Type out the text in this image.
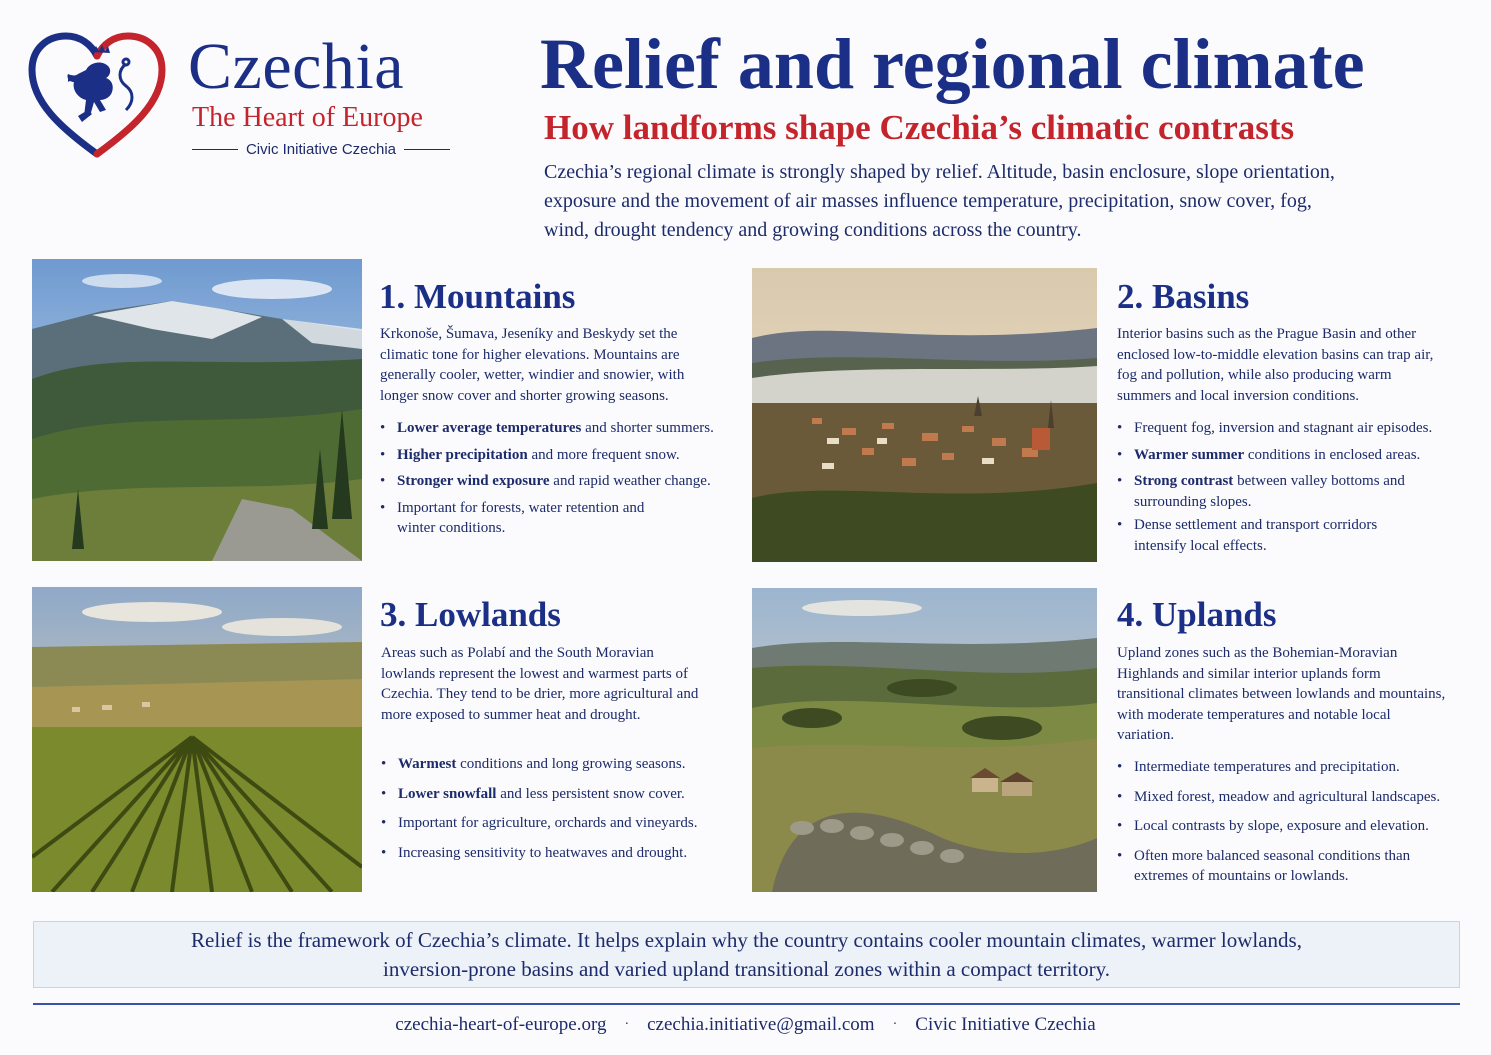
Czechia
The Heart of Europe
Civic Initiative Czechia
Relief and regional climate
How landforms shape Czechia’s climatic contrasts

Czechia’s regional climate is strongly shaped by relief. Altitude, basin enclosure, slope orientation, exposure and the movement of air masses influence temperature, precipitation, snow cover, fog, wind, drought tendency and growing conditions across the country.

1. Mountains

Krkonoše, Šumava, Jeseníky and Beskydy set the climatic tone for higher elevations. Mountains are generally cooler, wetter, windier and snowier, with longer snow cover and shorter growing seasons.

• Lower average temperatures and shorter summers.
• Higher precipitation and more frequent snow.
• Stronger wind exposure and rapid weather change.
• Important for forests, water retention and winter conditions.
2. Basins

Interior basins such as the Prague Basin and other enclosed low-to-middle elevation basins can trap air, fog and pollution, while also producing warm summers and local inversion conditions.

• Frequent fog, inversion and stagnant air episodes.
• Warmer summer conditions in enclosed areas.
• Strong contrast between valley bottoms and surrounding slopes.
• Dense settlement and transport corridors intensify local effects.
3. Lowlands

Areas such as Polabí and the South Moravian lowlands represent the lowest and warmest parts of Czechia. They tend to be drier, more agricultural and more exposed to summer heat and drought.

• Warmest conditions and long growing seasons.
• Lower snowfall and less persistent snow cover.
• Important for agriculture, orchards and vineyards.
• Increasing sensitivity to heatwaves and drought.
4. Uplands

Upland zones such as the Bohemian-Moravian Highlands and similar interior uplands form transitional climates between lowlands and mountains, with moderate temperatures and notable local variation.

• Intermediate temperatures and precipitation.
• Mixed forest, meadow and agricultural landscapes.
• Local contrasts by slope, exposure and elevation.
• Often more balanced seasonal conditions than extremes of mountains or lowlands.
Relief is the framework of Czechia’s climate. It helps explain why the country contains cooler mountain climates, warmer lowlands,
inversion-prone basins and varied upland transitional zones within a compact territory.
czechia-heart-of-europe.org · czechia.initiative@gmail.com · Civic Initiative Czechia
